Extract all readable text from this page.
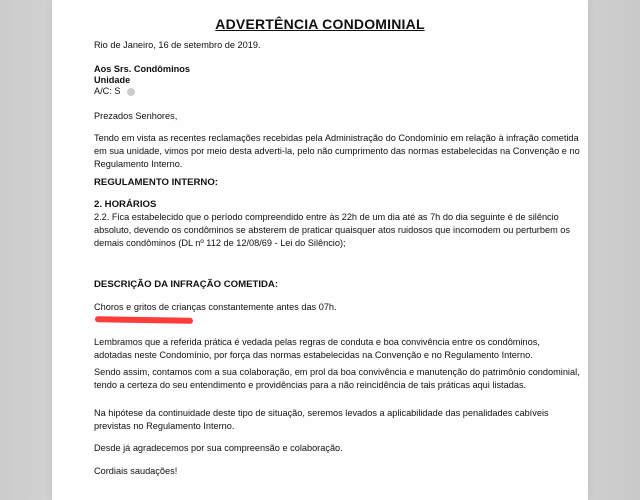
ADVERTÊNCIA CONDOMINIAL
Rio de Janeiro, 16 de setembro de 2019.
Aos Srs. Condôminos
Unidade
A/C: S
Prezados Senhores,
Tendo em vista as recentes reclamações recebidas pela Administração do Condomínio em relação à infração cometida em sua unidade, vimos por meio desta adverti-la, pelo não cumprimento das normas estabelecidas na Convenção e no Regulamento Interno.
REGULAMENTO INTERNO:
2. HORÁRIOS
2.2. Fica estabelecido que o período compreendido entre às 22h de um dia até as 7h do dia seguinte é de silêncio absoluto, devendo os condôminos se absterem de praticar quaisquer atos ruidosos que incomodem ou perturbem os demais condôminos (DL nº 112 de 12/08/69 - Lei do Silêncio);
DESCRIÇÃO DA INFRAÇÃO COMETIDA:
Choros e gritos de crianças constantemente antes das 07h.
Lembramos que a referida prática é vedada pelas regras de conduta e boa convivência entre os condôminos, adotadas neste Condomínio, por força das normas estabelecidas na Convenção e no Regulamento Interno.
Sendo assim, contamos com a sua colaboração, em prol da boa convivência e manutenção do patrimônio condominial, tendo a certeza do seu entendimento e providências para a não reincidência de tais práticas aqui listadas.
Na hipótese da continuidade deste tipo de situação, seremos levados a aplicabilidade das penalidades cabíveis previstas no Regulamento Interno.
Desde já agradecemos por sua compreensão e colaboração.
Cordiais saudações!
